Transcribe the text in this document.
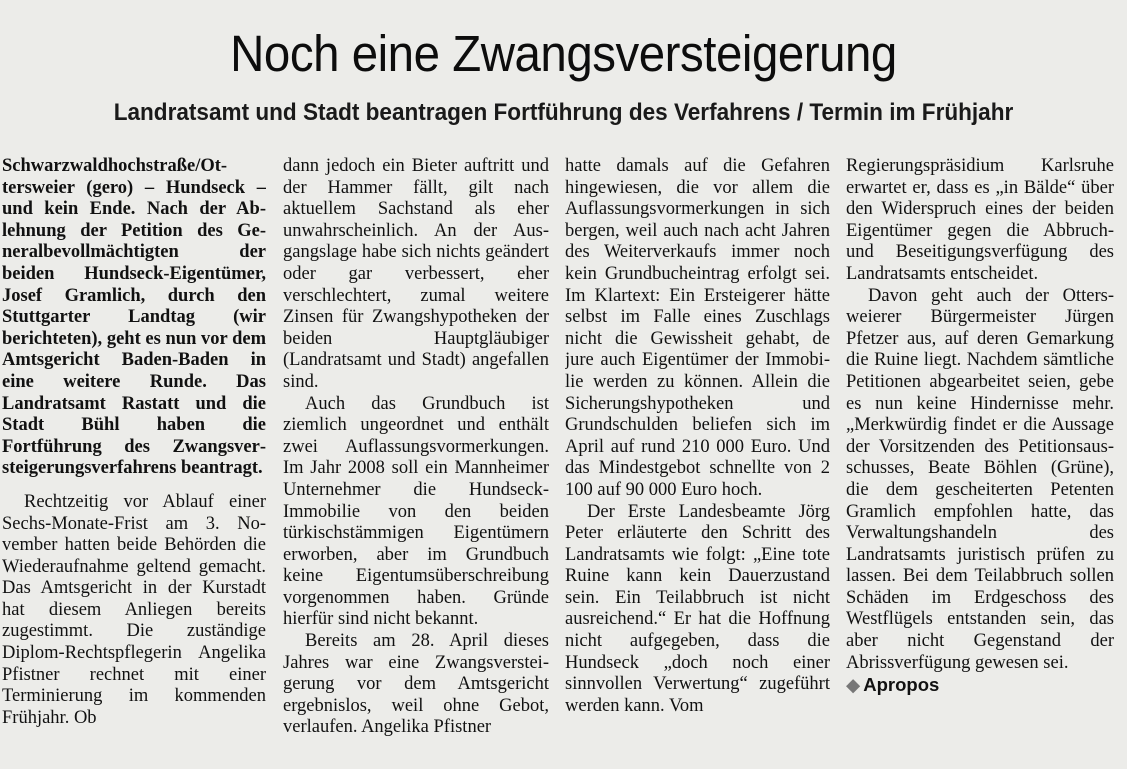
Noch eine Zwangsversteigerung
Landratsamt und Stadt beantragen Fortführung des Verfahrens / Termin im Frühjahr

Schwarzwaldhochstraße/Ottersweier (gero) – Hundseck – und kein Ende. Nach der Ablehnung der Petition des Generalbevollmächtigten der beiden Hundseck-Eigentümer, Josef Gramlich, durch den Stuttgarter Landtag (wir berichteten), geht es nun vor dem Amtsgericht Baden-Baden in eine weitere Runde. Das Landratsamt Rastatt und die Stadt Bühl haben die Fortführung des Zwangsversteigerungsverfahrens beantragt.

Rechtzeitig vor Ablauf einer Sechs-Monate-Frist am 3. November hatten beide Behörden die Wiederaufnahme geltend gemacht. Das Amtsgericht in der Kurstadt hat diesem Anliegen bereits zugestimmt. Die zuständige Diplom-Rechtspflegerin Angelika Pfistner rechnet mit einer Terminierung im kommenden Frühjahr. Ob

dann jedoch ein Bieter auftritt und der Hammer fällt, gilt nach aktuellem Sachstand als eher unwahrscheinlich. An der Ausgangslage habe sich nichts geändert oder gar verbessert, eher verschlechtert, zumal weitere Zinsen für Zwangshypotheken der beiden Hauptgläubiger (Landratsamt und Stadt) angefallen sind.

Auch das Grundbuch ist ziemlich ungeordnet und enthält zwei Auflassungsvormerkungen. Im Jahr 2008 soll ein Mannheimer Unternehmer die Hundseck-Immobilie von den beiden türkischstämmigen Eigentümern erworben, aber im Grundbuch keine Eigentumsüberschreibung vorgenommen haben. Gründe hierfür sind nicht bekannt.

Bereits am 28. April dieses Jahres war eine Zwangsversteigerung vor dem Amtsgericht ergebnislos, weil ohne Gebot, verlaufen. Angelika Pfistner

hatte damals auf die Gefahren hingewiesen, die vor allem die Auflassungsvormerkungen in sich bergen, weil auch nach acht Jahren des Weiterverkaufs immer noch kein Grundbucheintrag erfolgt sei. Im Klartext: Ein Ersteigerer hätte selbst im Falle eines Zuschlags nicht die Gewissheit gehabt, de jure auch Eigentümer der Immobilie werden zu können. Allein die Sicherungshypotheken und Grundschulden beliefen sich im April auf rund 210 000 Euro. Und das Mindestgebot schnellte von 2 100 auf 90 000 Euro hoch.

Der Erste Landesbeamte Jörg Peter erläuterte den Schritt des Landratsamts wie folgt: „Eine tote Ruine kann kein Dauerzustand sein. Ein Teilabbruch ist nicht ausreichend.“ Er hat die Hoffnung nicht aufgegeben, dass die Hundseck „doch noch einer sinnvollen Verwertung“ zugeführt werden kann. Vom

Regierungspräsidium Karlsruhe erwartet er, dass es „in Bälde“ über den Widerspruch eines der beiden Eigentümer gegen die Abbruch- und Beseitigungsverfügung des Landratsamts entscheidet.

Davon geht auch der Ottersweierer Bürgermeister Jürgen Pfetzer aus, auf deren Gemarkung die Ruine liegt. Nachdem sämtliche Petitionen abgearbeitet seien, gebe es nun keine Hindernisse mehr. „Merkwürdig findet er die Aussage der Vorsitzenden des Petitionsausschusses, Beate Böhlen (Grüne), die dem gescheiterten Petenten Gramlich empfohlen hatte, das Verwaltungshandeln des Landratsamts juristisch prüfen zu lassen. Bei dem Teilabbruch sollen Schäden im Erdgeschoss des Westflügels entstanden sein, das aber nicht Gegenstand der Abrissverfügung gewesen sei.

◆ Apropos
